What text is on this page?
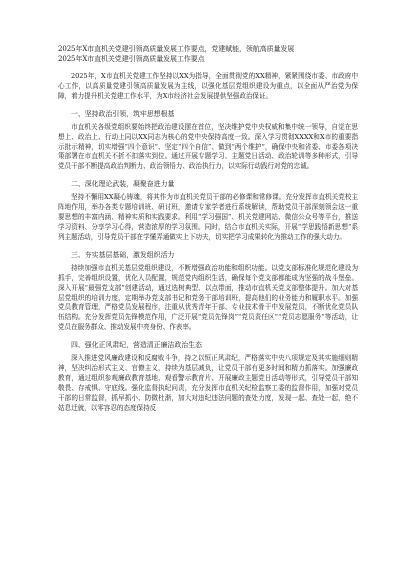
2025年X市直机关党建引领高质量发展工作要点，党建赋能，领航高质量发展

2025年X市直机关党建引领高质量发展工作要点

2025年，X市直机关党建工作坚持以XX为指导，全面贯彻党的XX精神，紧紧围绕市委、市政府中心工作，以高质量党建引领高质量发展为主线，以强化基层党组织建设为重点，以全面从严治党为保障，着力提升机关党建工作水平，为X市经济社会发展提供坚强政治保证。

一、坚持政治引领，筑牢思想根基

市直机关各级党组织要始终把政治建设摆在首位，坚决维护党中央权威和集中统一领导，自觉在思想上、政治上、行动上同以XX同志为核心的党中央保持高度一致。深入学习贯彻XXXX和X市的重要指示批示精神，切实增强“四个意识”、坚定“四个自信”、做到“两个维护”，确保中央和省委、市委各项决策部署在市直机关不折不扣落实到位。通过开展专题学习、主题党日活动、政治轮训等多种形式，引导党员干部不断提高政治判断力、政治领悟力、政治执行力，以实际行动践行对党的忠诚。

二、深化理论武装，凝聚奋进力量

坚持不懈用XX凝心铸魂，将其作为市直机关党员干部的必修课和常修课。充分发挥市直机关党校主阵地作用，举办各类专题培训班、研讨班，邀请专家学者进行系统解读，帮助党员干部深刻领会这一重要思想的丰富内涵、精神实质和实践要求。利用“学习强国”、机关党建网站、微信公众号等平台，推送学习资料、分享学习心得，营造浓厚的学习氛围。同时，结合市直机关实际，开展“学思践悟新思想”系列主题活动，引导党员干部在学懂弄通做实上下功夫，切实把学习成果转化为推动工作的强大动力。

三、夯实基层基础，激发组织活力

持续加强市直机关基层党组织建设，不断增强政治功能和组织功能。以党支部标准化规范化建设为抓手，完善组织设置，优化人员配置，规范党内组织生活，确保每个党支部都能成为坚强的战斗堡垒。深入开展“最强党支部”创建活动，通过选树典型、以点带面，推动市直机关党支部整体提升。加大对基层党组织的培训力度，定期举办党支部书记和党务干部培训班，提高他们的业务能力和履职水平。加强党员教育管理，严格党员发展程序，注重从优秀青年干部、专业技术骨干中发展党员，不断优化党员队伍结构。充分发挥党员先锋模范作用，广泛开展“党员先锋岗”“党员责任区”“党员志愿服务”等活动，让党员在服务群众、推动发展中亮身份、作表率。

四、强化正风肃纪，营造清正廉洁政治生态

深入推进党风廉政建设和反腐败斗争，持之以恒正风肃纪，严格落实中央八项规定及其实施细则精神，坚决纠治形式主义、官僚主义，持续为基层减负，让党员干部有更多时间和精力抓落实。加强廉政教育，通过组织参观廉政教育基地、观看警示教育片、开展廉政主题党日活动等形式，引导党员干部知敬畏、存戒惧、守底线。强化监督执纪问责，充分发挥市直机关纪检监察工委的监督作用，加强对党员干部的日常监督，抓早抓小、防微杜渐，加大对违纪违法问题的查处力度，发现一起、查处一起，绝不姑息迁就，以零容忍的态度保持反
